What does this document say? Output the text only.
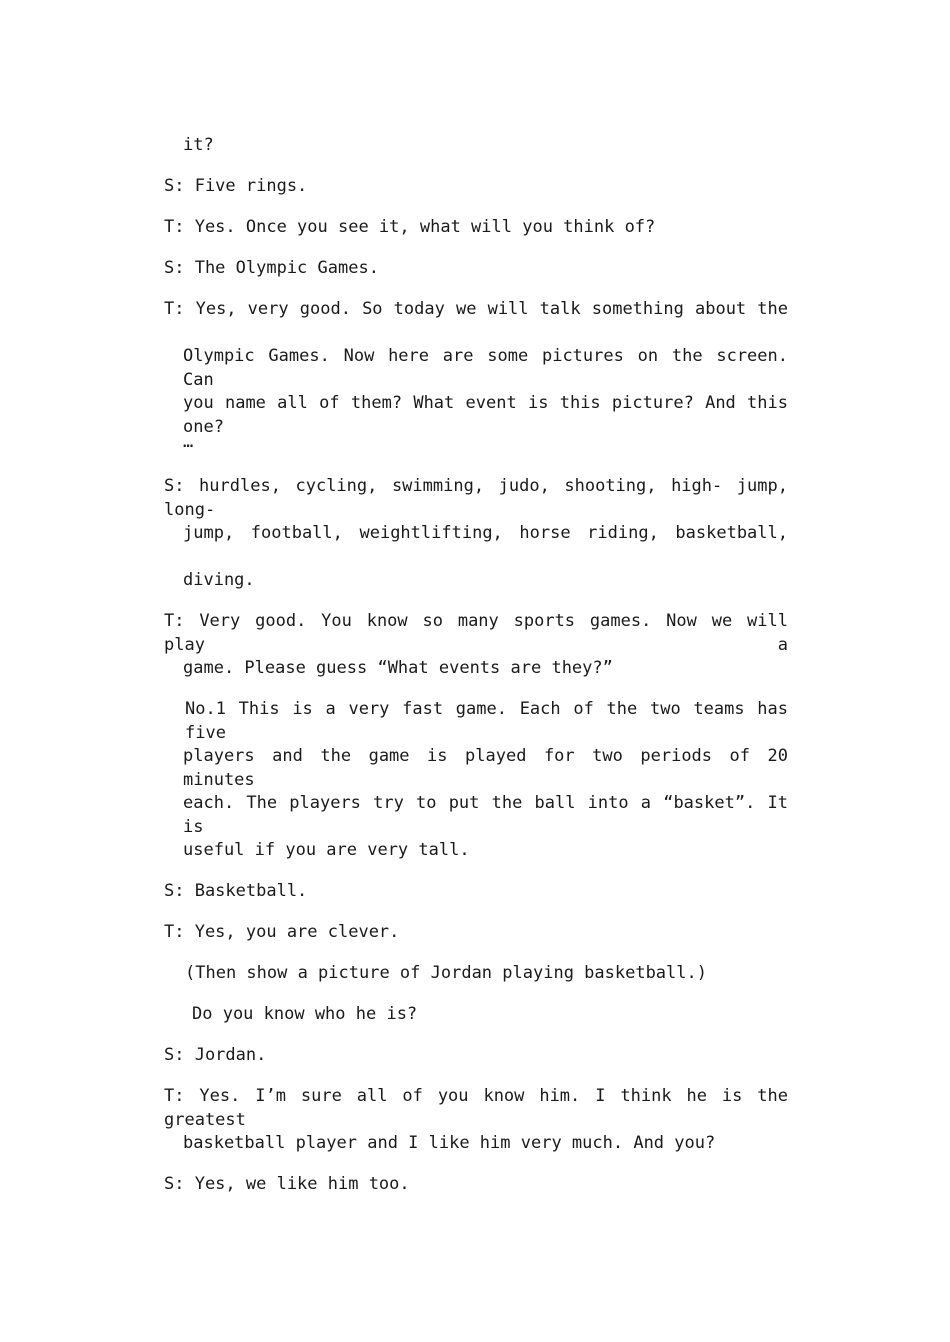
it?
S: Five rings.
T: Yes. Once you see it, what will you think of?
S: The Olympic Games.
T: Yes, very good. So today we will talk something about the
Olympic Games. Now here are some pictures on the screen. Can
you name all of them? What event is this picture? And this one?
…
S: hurdles, cycling, swimming, judo, shooting, high- jump, long-
jump, football, weightlifting, horse riding, basketball,
diving.
T: Very good. You know so many sports games. Now we will play a
game. Please guess “What events are they?”
No.1 This is a very fast game. Each of the two teams has five
players and the game is played for two periods of 20 minutes
each. The players try to put the ball into a “basket”. It is
useful if you are very tall.
S: Basketball.
T: Yes, you are clever.
(Then show a picture of Jordan playing basketball.)
Do you know who he is?
S: Jordan.
T: Yes. I’m sure all of you know him. I think he is the greatest
basketball player and I like him very much. And you?
S: Yes, we like him too.
